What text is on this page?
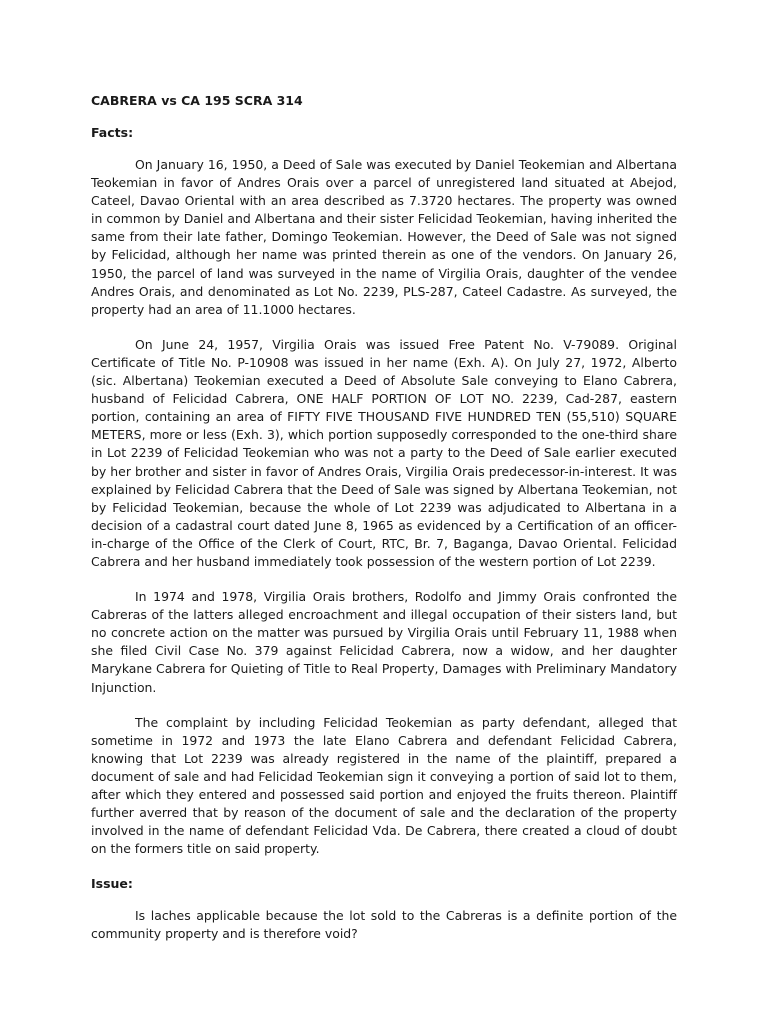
CABRERA vs CA 195 SCRA 314
Facts:

On January 16, 1950, a Deed of Sale was executed by Daniel Teokemian and Albertana Teokemian in favor of Andres Orais over a parcel of unregistered land situated at Abejod, Cateel, Davao Oriental with an area described as 7.3720 hectares. The property was owned in common by Daniel and Albertana and their sister Felicidad Teokemian, having inherited the same from their late father, Domingo Teokemian. However, the Deed of Sale was not signed by Felicidad, although her name was printed therein as one of the vendors. On January 26, 1950, the parcel of land was surveyed in the name of Virgilia Orais, daughter of the vendee Andres Orais, and denominated as Lot No. 2239, PLS-287, Cateel Cadastre. As surveyed, the property had an area of 11.1000 hectares.

On June 24, 1957, Virgilia Orais was issued Free Patent No. V-79089. Original Certificate of Title No. P-10908 was issued in her name (Exh. A). On July 27, 1972, Alberto (sic. Albertana) Teokemian executed a Deed of Absolute Sale conveying to Elano Cabrera, husband of Felicidad Cabrera, ONE HALF PORTION OF LOT NO. 2239, Cad-287, eastern portion, containing an area of FIFTY FIVE THOUSAND FIVE HUNDRED TEN (55,510) SQUARE METERS, more or less (Exh. 3), which portion supposedly corresponded to the one-third share in Lot 2239 of Felicidad Teokemian who was not a party to the Deed of Sale earlier executed by her brother and sister in favor of Andres Orais, Virgilia Orais predecessor-in-interest. It was explained by Felicidad Cabrera that the Deed of Sale was signed by Albertana Teokemian, not by Felicidad Teokemian, because the whole of Lot 2239 was adjudicated to Albertana in a decision of a cadastral court dated June 8, 1965 as evidenced by a Certification of an officer-in-charge of the Office of the Clerk of Court, RTC, Br. 7, Baganga, Davao Oriental. Felicidad Cabrera and her husband immediately took possession of the western portion of Lot 2239.

In 1974 and 1978, Virgilia Orais brothers, Rodolfo and Jimmy Orais confronted the Cabreras of the latters alleged encroachment and illegal occupation of their sisters land, but no concrete action on the matter was pursued by Virgilia Orais until February 11, 1988 when she filed Civil Case No. 379 against Felicidad Cabrera, now a widow, and her daughter Marykane Cabrera for Quieting of Title to Real Property, Damages with Preliminary Mandatory Injunction.

The complaint by including Felicidad Teokemian as party defendant, alleged that sometime in 1972 and 1973 the late Elano Cabrera and defendant Felicidad Cabrera, knowing that Lot 2239 was already registered in the name of the plaintiff, prepared a document of sale and had Felicidad Teokemian sign it conveying a portion of said lot to them, after which they entered and possessed said portion and enjoyed the fruits thereon. Plaintiff further averred that by reason of the document of sale and the declaration of the property involved in the name of defendant Felicidad Vda. De Cabrera, there created a cloud of doubt on the formers title on said property.

Issue:

Is laches applicable because the lot sold to the Cabreras is a definite portion of the community property and is therefore void?
